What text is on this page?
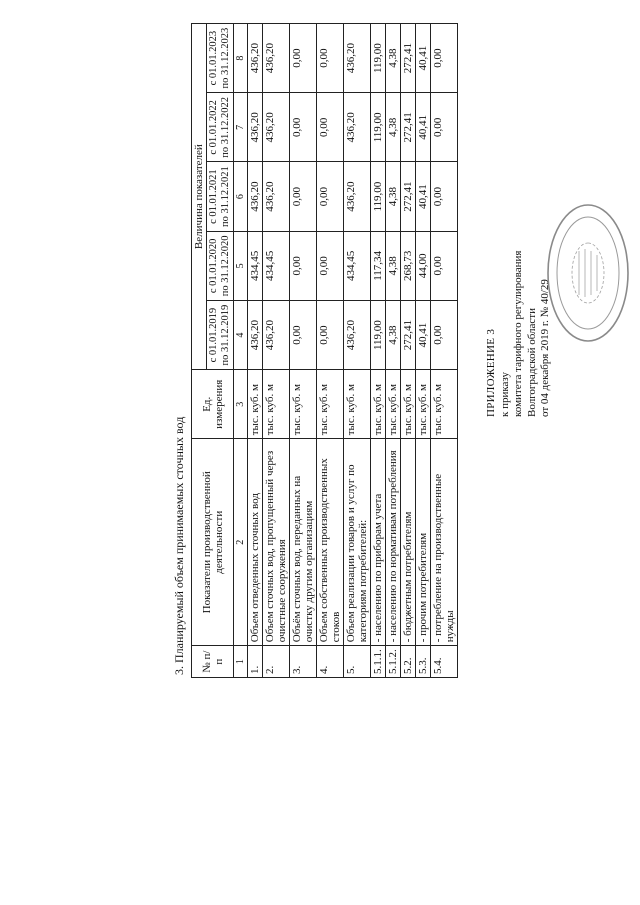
ПРИЛОЖЕНИЕ 3 к приказу комитета тарифного регулирования Волгоградской области от 04 декабря 2019 г. № 40/29
3. Планируемый объем принимаемых сточных вод № п/п	Показатели производственной деятельности	Ед. измерения	Величина показателей				
			с 01.01.2019
по 31.12.2019	с 01.01.2020
по 31.12.2020	с 01.01.2021
по 31.12.2021	с 01.01.2022
по 31.12.2022	с 01.01.2023
по 31.12.2023
1	2	3	4	5	6	7	8
1.	Объем отведенных сточных вод	тыс. куб. м	436,20	434,45	436,20	436,20	436,20
2.	Объем сточных вод, пропущенный через очистные сооружения	тыс. куб. м	436,20	434,45	436,20	436,20	436,20
3.	Объём сточных вод, переданных на очистку другим организациям	тыс. куб. м	0,00	0,00	0,00	0,00	0,00
4.	Объем собственных производственных стоков	тыс. куб. м	0,00	0,00	0,00	0,00	0,00
5.	Объем реализации товаров и услуг по категориям потребителей:	тыс. куб. м	436,20	434,45	436,20	436,20	436,20
5.1.1.	- населению по приборам учета	тыс. куб. м	119,00	117,34	119,00	119,00	119,00
5.1.2.	- населению по нормативам потребления	тыс. куб. м	4,38	4,38	4,38	4,38	4,38
5.2.	- бюджетным потребителям	тыс. куб. м	272,41	268,73	272,41	272,41	272,41
5.3.	- прочим потребителям	тыс. куб. м	40,41	44,00	40,41	40,41	40,41
5.4.	- потребление на производственные нужды	тыс. куб. м	0,00	0,00	0,00	0,00	0,00
